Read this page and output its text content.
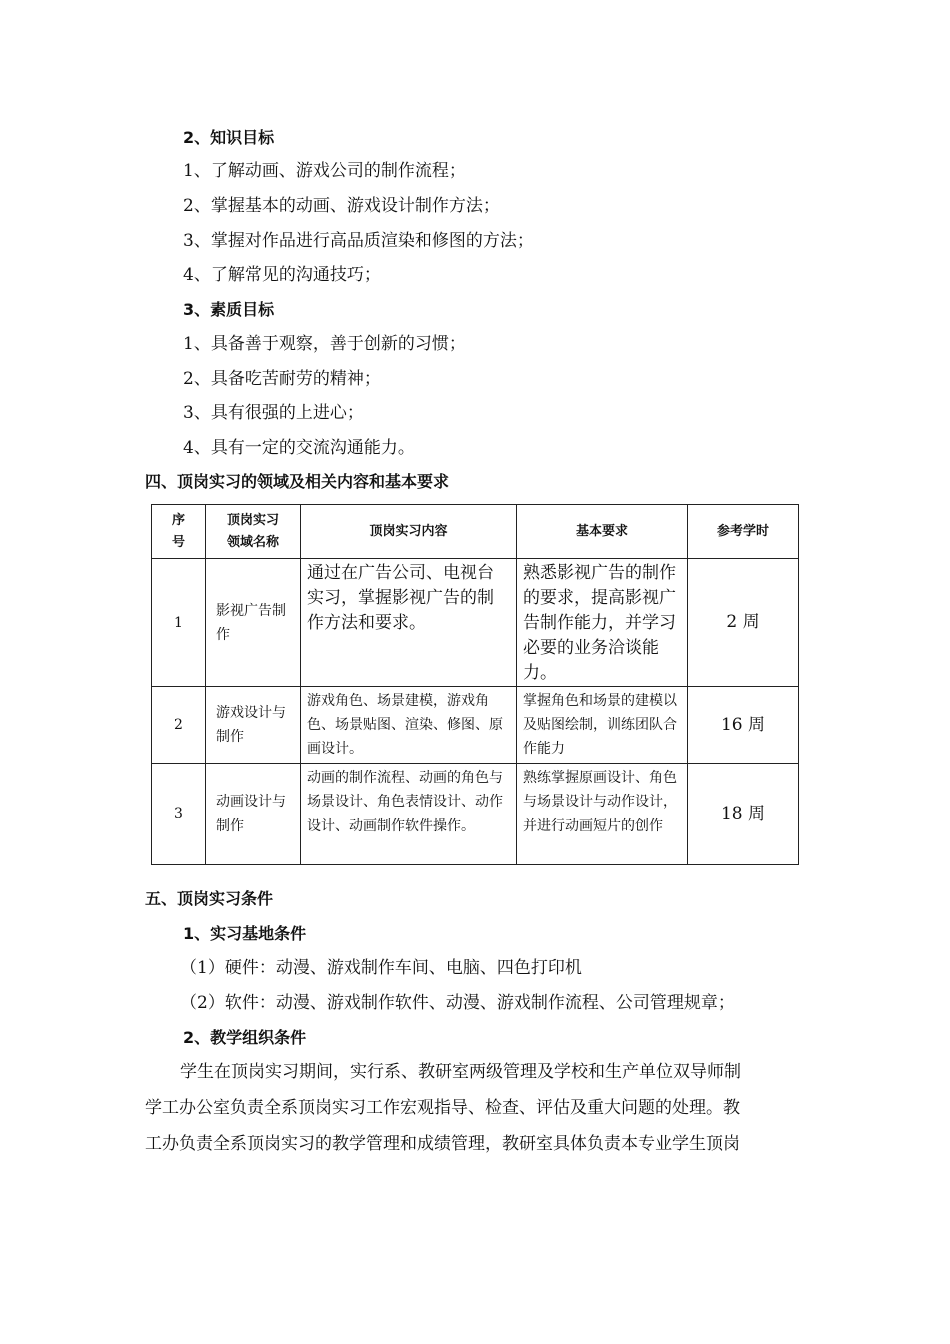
2、知识目标
1、了解动画、游戏公司的制作流程；
2、掌握基本的动画、游戏设计制作方法；
3、掌握对作品进行高品质渲染和修图的方法；
4、了解常见的沟通技巧；
3、素质目标
1、具备善于观察，善于创新的习惯；
2、具备吃苦耐劳的精神；
3、具有很强的上进心；
4、具有一定的交流沟通能力。
四、顶岗实习的领域及相关内容和基本要求
序号	顶岗实习领域名称	顶岗实习内容	基本要求	参考学时
1	影视广告制作	通过在广告公司、电视台实习，掌握影视广告的制作方法和要求。	熟悉影视广告的制作的要求，提高影视广告制作能力，并学习必要的业务洽谈能力。	2 周
2	游戏设计与制作	游戏角色、场景建模，游戏角色、场景贴图、渲染、修图、原画设计。	掌握角色和场景的建模以及贴图绘制，训练团队合作能力	16 周
3	动画设计与制作	动画的制作流程、动画的角色与场景设计、角色表情设计、动作设计、动画制作软件操作。	熟练掌握原画设计、角色与场景设计与动作设计，并进行动画短片的创作	18 周
五、顶岗实习条件
1、实习基地条件
（1）硬件：动漫、游戏制作车间、电脑、四色打印机
（2）软件：动漫、游戏制作软件、动漫、游戏制作流程、公司管理规章；
2、教学组织条件
学生在顶岗实习期间，实行系、教研室两级管理及学校和生产单位双导师制
学工办公室负责全系顶岗实习工作宏观指导、检查、评估及重大问题的处理。教
工办负责全系顶岗实习的教学管理和成绩管理，教研室具体负责本专业学生顶岗
